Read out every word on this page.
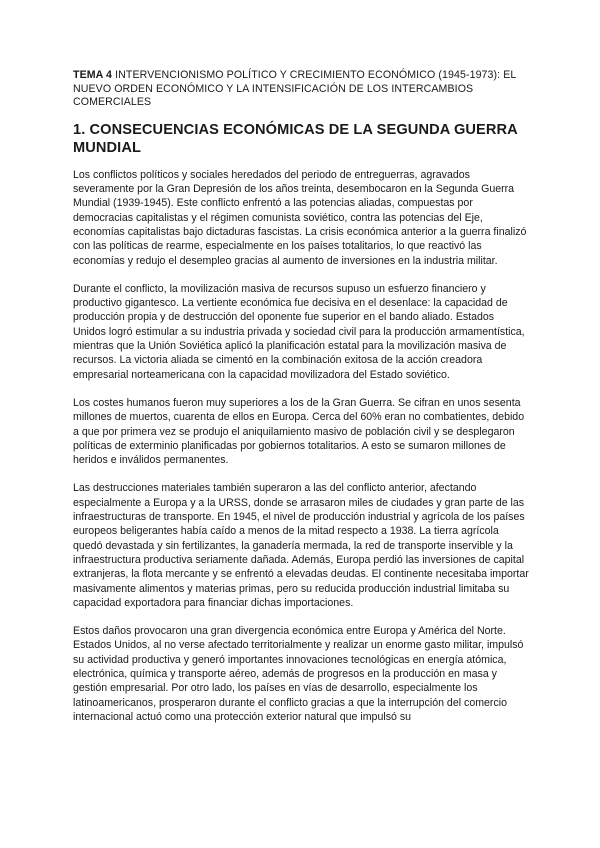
TEMA 4 INTERVENCIONISMO POLÍTICO Y CRECIMIENTO ECONÓMICO (1945-1973): EL NUEVO ORDEN ECONÓMICO Y LA INTENSIFICACIÓN DE LOS INTERCAMBIOS COMERCIALES

1. CONSECUENCIAS ECONÓMICAS DE LA SEGUNDA GUERRA MUNDIAL

Los conflictos políticos y sociales heredados del periodo de entreguerras, agravados severamente por la Gran Depresión de los años treinta, desembocaron en la Segunda Guerra Mundial (1939-1945). Este conflicto enfrentó a las potencias aliadas, compuestas por democracias capitalistas y el régimen comunista soviético, contra las potencias del Eje, economías capitalistas bajo dictaduras fascistas. La crisis económica anterior a la guerra finalizó con las políticas de rearme, especialmente en los países totalitarios, lo que reactivó las economías y redujo el desempleo gracias al aumento de inversiones en la industria militar.

Durante el conflicto, la movilización masiva de recursos supuso un esfuerzo financiero y productivo gigantesco. La vertiente económica fue decisiva en el desenlace: la capacidad de producción propia y de destrucción del oponente fue superior en el bando aliado. Estados Unidos logró estimular a su industria privada y sociedad civil para la producción armamentística, mientras que la Unión Soviética aplicó la planificación estatal para la movilización masiva de recursos. La victoria aliada se cimentó en la combinación exitosa de la acción creadora empresarial norteamericana con la capacidad movilizadora del Estado soviético.

Los costes humanos fueron muy superiores a los de la Gran Guerra. Se cifran en unos sesenta millones de muertos, cuarenta de ellos en Europa. Cerca del 60% eran no combatientes, debido a que por primera vez se produjo el aniquilamiento masivo de población civil y se desplegaron políticas de exterminio planificadas por gobiernos totalitarios. A esto se sumaron millones de heridos e inválidos permanentes.

Las destrucciones materiales también superaron a las del conflicto anterior, afectando especialmente a Europa y a la URSS, donde se arrasaron miles de ciudades y gran parte de las infraestructuras de transporte. En 1945, el nivel de producción industrial y agrícola de los países europeos beligerantes había caído a menos de la mitad respecto a 1938. La tierra agrícola quedó devastada y sin fertilizantes, la ganadería mermada, la red de transporte inservible y la infraestructura productiva seriamente dañada. Además, Europa perdió las inversiones de capital extranjeras, la flota mercante y se enfrentó a elevadas deudas. El continente necesitaba importar masivamente alimentos y materias primas, pero su reducida producción industrial limitaba su capacidad exportadora para financiar dichas importaciones.

Estos daños provocaron una gran divergencia económica entre Europa y América del Norte. Estados Unidos, al no verse afectado territorialmente y realizar un enorme gasto militar, impulsó su actividad productiva y generó importantes innovaciones tecnológicas en energía atómica, electrónica, química y transporte aéreo, además de progresos en la producción en masa y gestión empresarial. Por otro lado, los países en vías de desarrollo, especialmente los latinoamericanos, prosperaron durante el conflicto gracias a que la interrupción del comercio internacional actuó como una protección exterior natural que impulsó su
